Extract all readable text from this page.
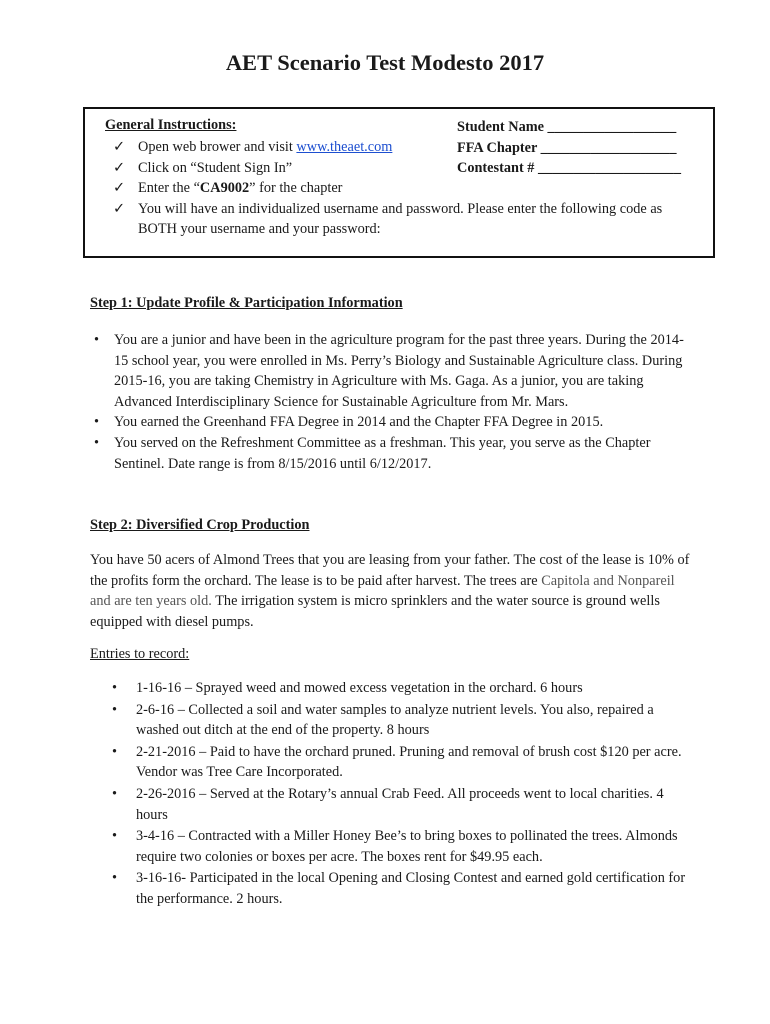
AET Scenario Test Modesto 2017
General Instructions:	Student Name __________________
FFA Chapter ___________________
Contestant # ____________________
✓ Open web brower and visit www.theaet.com
✓ Click on “Student Sign In”
✓ Enter the “CA9002” for the chapter
✓ You will have an individualized username and password. Please enter the following code as BOTH your username and your password:
Step 1: Update Profile & Participation Information
•	You are a junior and have been in the agriculture program for the past three years. During the 2014-15 school year, you were enrolled in Ms. Perry’s Biology and Sustainable Agriculture class. During 2015-16, you are taking Chemistry in Agriculture with Ms. Gaga. As a junior, you are taking Advanced Interdisciplinary Science for Sustainable Agriculture from Mr. Mars.
•	You earned the Greenhand FFA Degree in 2014 and the Chapter FFA Degree in 2015.
•	You served on the Refreshment Committee as a freshman. This year, you serve as the Chapter Sentinel. Date range is from 8/15/2016 until 6/12/2017.
Step 2: Diversified Crop Production
You have 50 acers of Almond Trees that you are leasing from your father. The cost of the lease is 10% of the profits form the orchard. The lease is to be paid after harvest. The trees are Capitola and Nonpareil and are ten years old. The irrigation system is micro sprinklers and the water source is ground wells equipped with diesel pumps.
Entries to record:
•	1-16-16 – Sprayed weed and mowed excess vegetation in the orchard. 6 hours
•	2-6-16 – Collected a soil and water samples to analyze nutrient levels. You also, repaired a washed out ditch at the end of the property. 8 hours
•	2-21-2016 – Paid to have the orchard pruned. Pruning and removal of brush cost $120 per acre. Vendor was Tree Care Incorporated.
•	2-26-2016 – Served at the Rotary’s annual Crab Feed. All proceeds went to local charities. 4 hours
•	3-4-16 – Contracted with a Miller Honey Bee’s to bring boxes to pollinated the trees. Almonds require two colonies or boxes per acre. The boxes rent for $49.95 each.
•	3-16-16- Participated in the local Opening and Closing Contest and earned gold certification for the performance. 2 hours.
